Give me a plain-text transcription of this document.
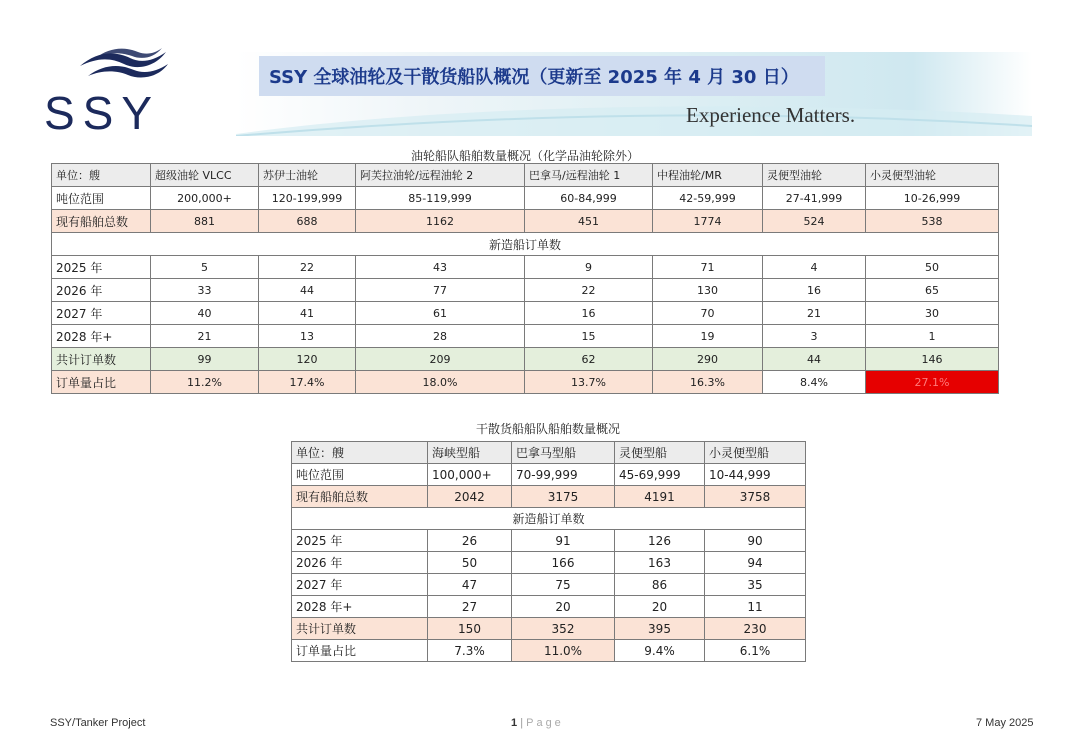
SSY
SSY 全球油轮及干散货船队概况（更新至 2025 年 4 月 30 日）
Experience Matters.
油轮船队船舶数量概况（化学品油轮除外）
单位：艘	超级油轮 VLCC	苏伊士油轮	阿芙拉油轮/远程油轮 2	巴拿马/远程油轮 1	中程油轮/MR	灵便型油轮	小灵便型油轮
吨位范围	200,000+	120-199,999	85-119,999	60-84,999	42-59,999	27-41,999	10-26,999
现有船舶总数	881	688	1162	451	1774	524	538
新造船订单数							
2025 年	5	22	43	9	71	4	50
2026 年	33	44	77	22	130	16	65
2027 年	40	41	61	16	70	21	30
2028 年+	21	13	28	15	19	3	1
共计订单数	99	120	209	62	290	44	146
订单量占比	11.2%	17.4%	18.0%	13.7%	16.3%	8.4%	27.1%
干散货船船队船舶数量概况
单位：艘	海峡型船	巴拿马型船	灵便型船	小灵便型船
吨位范围	100,000+	70-99,999	45-69,999	10-44,999
现有船舶总数	2042	3175	4191	3758
新造船订单数				
2025 年	26	91	126	90
2026 年	50	166	163	94
2027 年	47	75	86	35
2028 年+	27	20	20	11
共计订单数	150	352	395	230
订单量占比	7.3%	11.0%	9.4%	6.1%
SSY/Tanker Project	1 | Page	7 May 2025
